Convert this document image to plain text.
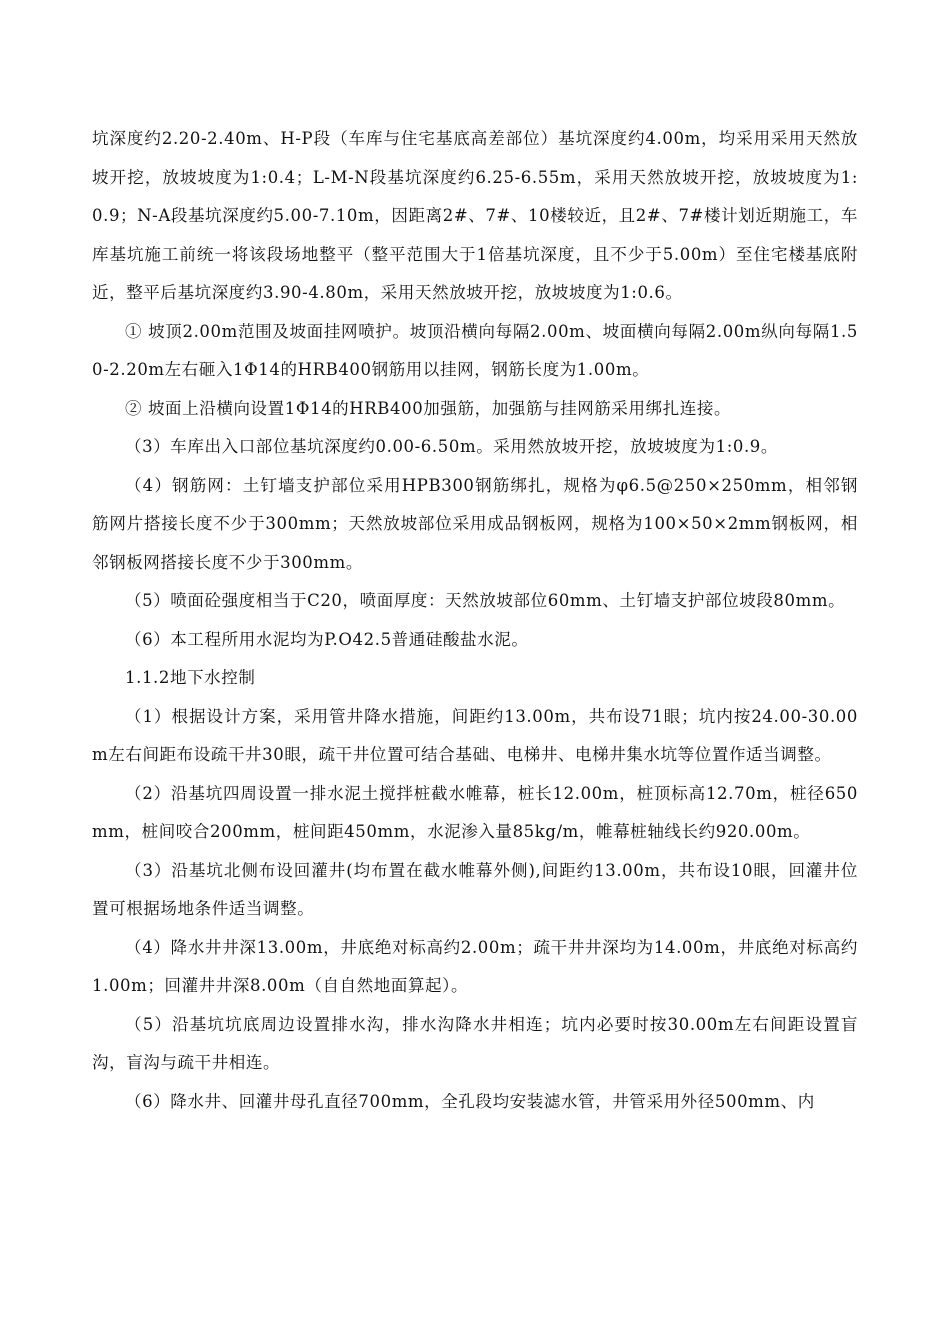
坑深度约2.20-2.40m、H-P段（车库与住宅基底高差部位）基坑深度约4.00m，均采用采用天然放坡开挖，放坡坡度为1:0.4；L-M-N段基坑深度约6.25-6.55m，采用天然放坡开挖，放坡坡度为1:0.9；N-A段基坑深度约5.00-7.10m，因距离2#、7#、10楼较近，且2#、7#楼计划近期施工，车库基坑施工前统一将该段场地整平（整平范围大于1倍基坑深度，且不少于5.00m）至住宅楼基底附近，整平后基坑深度约3.90-4.80m，采用天然放坡开挖，放坡坡度为1:0.6。

① 坡顶2.00m范围及坡面挂网喷护。坡顶沿横向每隔2.00m、坡面横向每隔2.00m纵向每隔1.50-2.20m左右砸入1Φ14的HRB400钢筋用以挂网，钢筋长度为1.00m。

② 坡面上沿横向设置1Φ14的HRB400加强筋，加强筋与挂网筋采用绑扎连接。

（3）车库出入口部位基坑深度约0.00-6.50m。采用然放坡开挖，放坡坡度为1:0.9。

（4）钢筋网：土钉墙支护部位采用HPB300钢筋绑扎，规格为φ6.5@250×250mm，相邻钢筋网片搭接长度不少于300mm；天然放坡部位采用成品钢板网，规格为100×50×2mm钢板网，相邻钢板网搭接长度不少于300mm。

（5）喷面砼强度相当于C20，喷面厚度：天然放坡部位60mm、土钉墙支护部位坡段80mm。

（6）本工程所用水泥均为P.O42.5普通硅酸盐水泥。

1.1.2地下水控制

（1）根据设计方案，采用管井降水措施，间距约13.00m，共布设71眼；坑内按24.00-30.00m左右间距布设疏干井30眼，疏干井位置可结合基础、电梯井、电梯井集水坑等位置作适当调整。

（2）沿基坑四周设置一排水泥土搅拌桩截水帷幕，桩长12.00m，桩顶标高12.70m，桩径650mm，桩间咬合200mm，桩间距450mm，水泥渗入量85kg/m，帷幕桩轴线长约920.00m。

（3）沿基坑北侧布设回灌井(均布置在截水帷幕外侧),间距约13.00m，共布设10眼，回灌井位置可根据场地条件适当调整。

（4）降水井井深13.00m，井底绝对标高约2.00m；疏干井井深均为14.00m，井底绝对标高约1.00m；回灌井井深8.00m（自自然地面算起）。

（5）沿基坑坑底周边设置排水沟，排水沟降水井相连；坑内必要时按30.00m左右间距设置盲沟，盲沟与疏干井相连。

（6）降水井、回灌井母孔直径700mm，全孔段均安装滤水管，井管采用外径500mm、内
